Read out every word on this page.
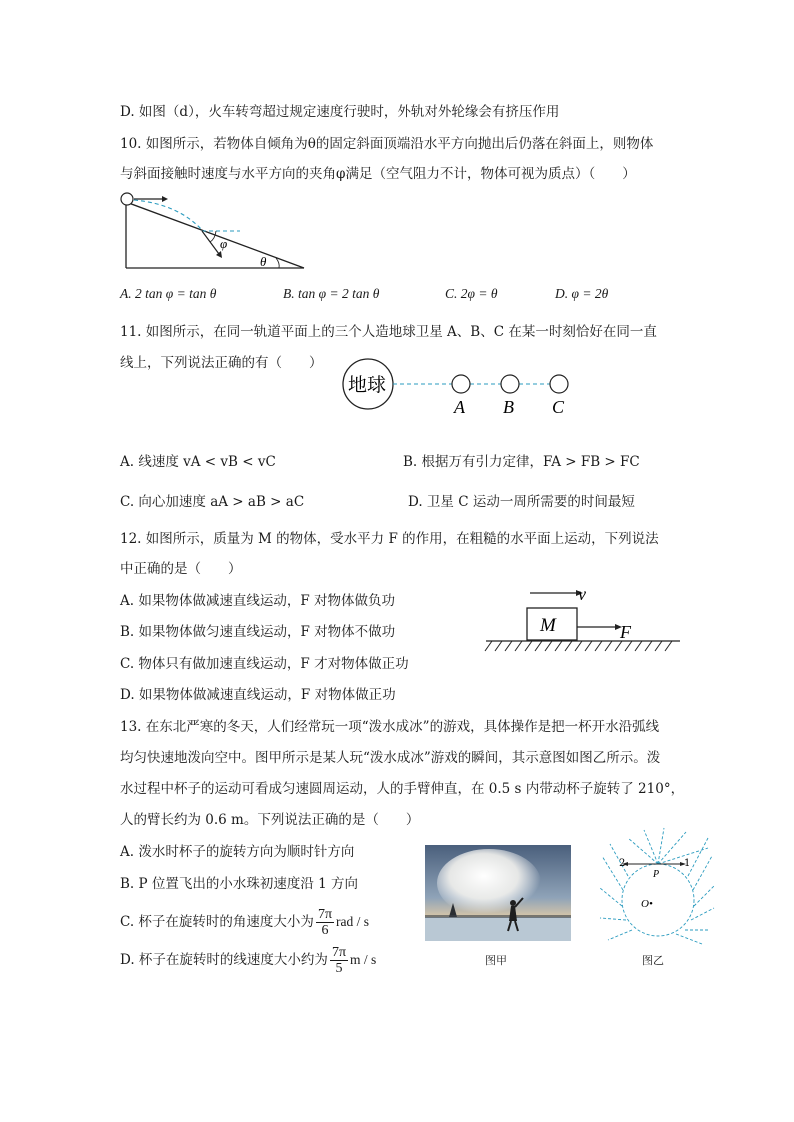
D. 如图（d），火车转弯超过规定速度行驶时，外轨对外轮缘会有挤压作用
10. 如图所示，若物体自倾角为θ的固定斜面顶端沿水平方向抛出后仍落在斜面上，则物体
与斜面接触时速度与水平方向的夹角φ满足（空气阻力不计，物体可视为质点）（　　）
φ
θ
A. 2 tan φ = tan θ	B. tan φ = 2 tan θ	C. 2φ = θ	D. φ = 2θ
11. 如图所示，在同一轨道平面上的三个人造地球卫星 A、B、C 在某一时刻恰好在同一直
线上，下列说法正确的有（　　）
地球
A B C
A. 线速度 vA < vB < vC	B. 根据万有引力定律，FA > FB > FC
C. 向心加速度 aA > aB > aC	D. 卫星 C 运动一周所需要的时间最短
12. 如图所示，质量为 M 的物体，受水平力 F 的作用，在粗糙的水平面上运动，下列说法
中正确的是（　　）
A. 如果物体做减速直线运动，F 对物体做负功
B. 如果物体做匀速直线运动，F 对物体不做功
C. 物体只有做加速直线运动，F 才对物体做正功
D. 如果物体做减速直线运动，F 对物体做正功
v
M	F
13. 在东北严寒的冬天，人们经常玩一项“泼水成冰”的游戏，具体操作是把一杯开水沿弧线
均匀快速地泼向空中。图甲所示是某人玩“泼水成冰”游戏的瞬间，其示意图如图乙所示。泼
水过程中杯子的运动可看成匀速圆周运动，人的手臂伸直，在 0.5 s 内带动杯子旋转了 210°，
人的臂长约为 0.6 m。下列说法正确的是（　　）
A. 泼水时杯子的旋转方向为顺时针方向
B. P 位置飞出的小水珠初速度沿 1 方向
C. 杯子在旋转时的角速度大小为 $\frac{7\pi}{6}$ rad / s
D. 杯子在旋转时的线速度大小约为 $\frac{7\pi}{5}$ m / s	图甲
2	1
P
O•
图乙
